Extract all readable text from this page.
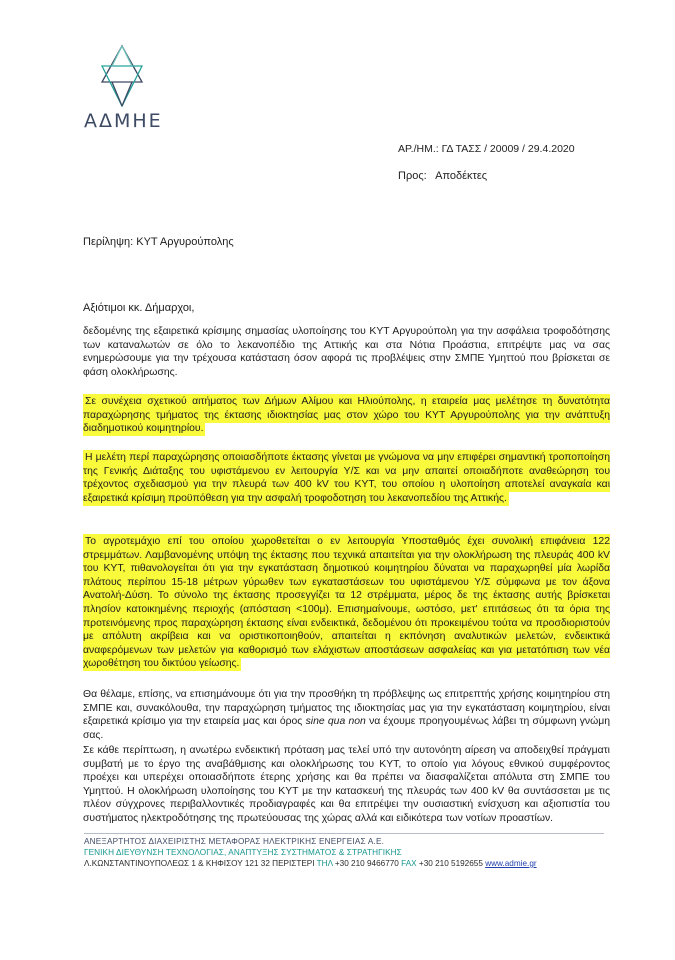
ΑΔΜΗΕ
ΑΡ./ΗΜ.: ΓΔ ΤΑΣΣ / 20009 / 29.4.2020
Προς: Αποδέκτες
Περίληψη: ΚΥΤ Αργυρούπολης
Αξιότιμοι κκ. Δήμαρχοι,

δεδομένης της εξαιρετικά κρίσιμης σημασίας υλοποίησης του ΚΥΤ Αργυρούπολη για την ασφάλεια τροφοδότησης των καταναλωτών σε όλο το λεκανοπέδιο της Αττικής και στα Νότια Προάστια, επιτρέψτε μας να σας ενημερώσουμε για την τρέχουσα κατάσταση όσον αφορά τις προβλέψεις στην ΣΜΠΕ Υμηττού που βρίσκεται σε φάση ολοκλήρωσης.

Σε συνέχεια σχετικού αιτήματος των Δήμων Αλίμου και Ηλιούπολης, η εταιρεία μας μελέτησε τη δυνατότητα παραχώρησης τμήματος της έκτασης ιδιοκτησίας μας στον χώρο του ΚΥΤ Αργυρούπολης για την ανάπτυξη διαδημοτικού κοιμητηρίου.

Η μελέτη περί παραχώρησης οποιασδήποτε έκτασης γίνεται με γνώμονα να μην επιφέρει σημαντική τροποποίηση της Γενικής Διάταξης του υφιστάμενου εν λειτουργία Υ/Σ και να μην απαιτεί οποιαδήποτε αναθεώρηση του τρέχοντος σχεδιασμού για την πλευρά των 400 kV του ΚΥΤ, του οποίου η υλοποίηση αποτελεί αναγκαία και εξαιρετικά κρίσιμη προϋπόθεση για την ασφαλή τροφοδοτηση του λεκανοπεδίου της Αττικής.

Το αγροτεμάχιο επί του οποίου χωροθετείται ο εν λειτουργία Υποσταθμός έχει συνολική επιφάνεια 122 στρεμμάτων. Λαμβανομένης υπόψη της έκτασης που τεχνικά απαιτείται για την ολοκλήρωση της πλευράς 400 kV του ΚΥΤ, πιθανολογείται ότι για την εγκατάσταση δημοτικού κοιμητηρίου δύναται να παραχωρηθεί μία λωρίδα πλάτους περίπου 15-18 μέτρων γύρωθεν των εγκαταστάσεων του υφιστάμενου Υ/Σ σύμφωνα με τον άξονα Ανατολή-Δύση. Το σύνολο της έκτασης προσεγγίζει τα 12 στρέμματα, μέρος δε της έκτασης αυτής βρίσκεται πλησίον κατοικημένης περιοχής (απόσταση <100μ). Επισημαίνουμε, ωστόσο, μετ' επιτάσεως ότι τα όρια της προτεινόμενης προς παραχώρηση έκτασης είναι ενδεικτικά, δεδομένου ότι προκειμένου τούτα να προσδιοριστούν με απόλυτη ακρίβεια και να οριστικοποιηθούν, απαιτείται η εκπόνηση αναλυτικών μελετών, ενδεικτικά αναφερόμενων των μελετών για καθορισμό των ελάχιστων αποστάσεων ασφαλείας και για μετατόπιση των νέα χωροθέτηση του δικτύου γείωσης.

Θα θέλαμε, επίσης, να επισημάνουμε ότι για την προσθήκη τη πρόβλεψης ως επιτρεπτής χρήσης κοιμητηρίου στη ΣΜΠΕ και, συνακόλουθα, την παραχώρηση τμήματος της ιδιοκτησίας μας για την εγκατάσταση κοιμητηρίου, είναι εξαιρετικά κρίσιμο για την εταιρεία μας και όρος sine qua non να έχουμε προηγουμένως λάβει τη σύμφωνη γνώμη σας.

Σε κάθε περίπτωση, η ανωτέρω ενδεικτική πρόταση μας τελεί υπό την αυτονόητη αίρεση να αποδειχθεί πράγματι συμβατή με το έργο της αναβάθμισης και ολοκλήρωσης του ΚΥΤ, το οποίο για λόγους εθνικού συμφέροντος προέχει και υπερέχει οποιασδήποτε έτερης χρήσης και θα πρέπει να διασφαλίζεται απόλυτα στη ΣΜΠΕ του Υμηττού. Η ολοκλήρωση υλοποίησης του ΚΥΤ με την κατασκευή της πλευράς των 400 kV θα συντάσσεται με τις πλέον σύγχρονες περιβαλλοντικές προδιαγραφές και θα επιτρέψει την ουσιαστική ενίσχυση και αξιοπιστία του συστήματος ηλεκτροδότησης της πρωτεύουσας της χώρας αλλά και ειδικότερα των νοτίων προαστίων.

ΑΝΕΞΑΡΤΗΤΟΣ ΔΙΑΧΕΙΡΙΣΤΗΣ ΜΕΤΑΦΟΡΑΣ ΗΛΕΚΤΡΙΚΗΣ ΕΝΕΡΓΕΙΑΣ Α.Ε.
ΓΕΝΙΚΗ ΔΙΕΥΘΥΝΣΗ ΤΕΧΝΟΛΟΓΙΑΣ, ΑΝΑΠΤΥΞΗΣ ΣΥΣΤΗΜΑΤΟΣ & ΣΤΡΑΤΗΓΙΚΗΣ
Λ.ΚΩΝΣΤΑΝΤΙΝΟΥΠΟΛΕΩΣ 1 & ΚΗΦΙΣΟΥ 121 32 ΠΕΡΙΣΤΕΡΙ ΤΗΛ +30 210 9466770 FAX +30 210 5192655 www.admie.gr
